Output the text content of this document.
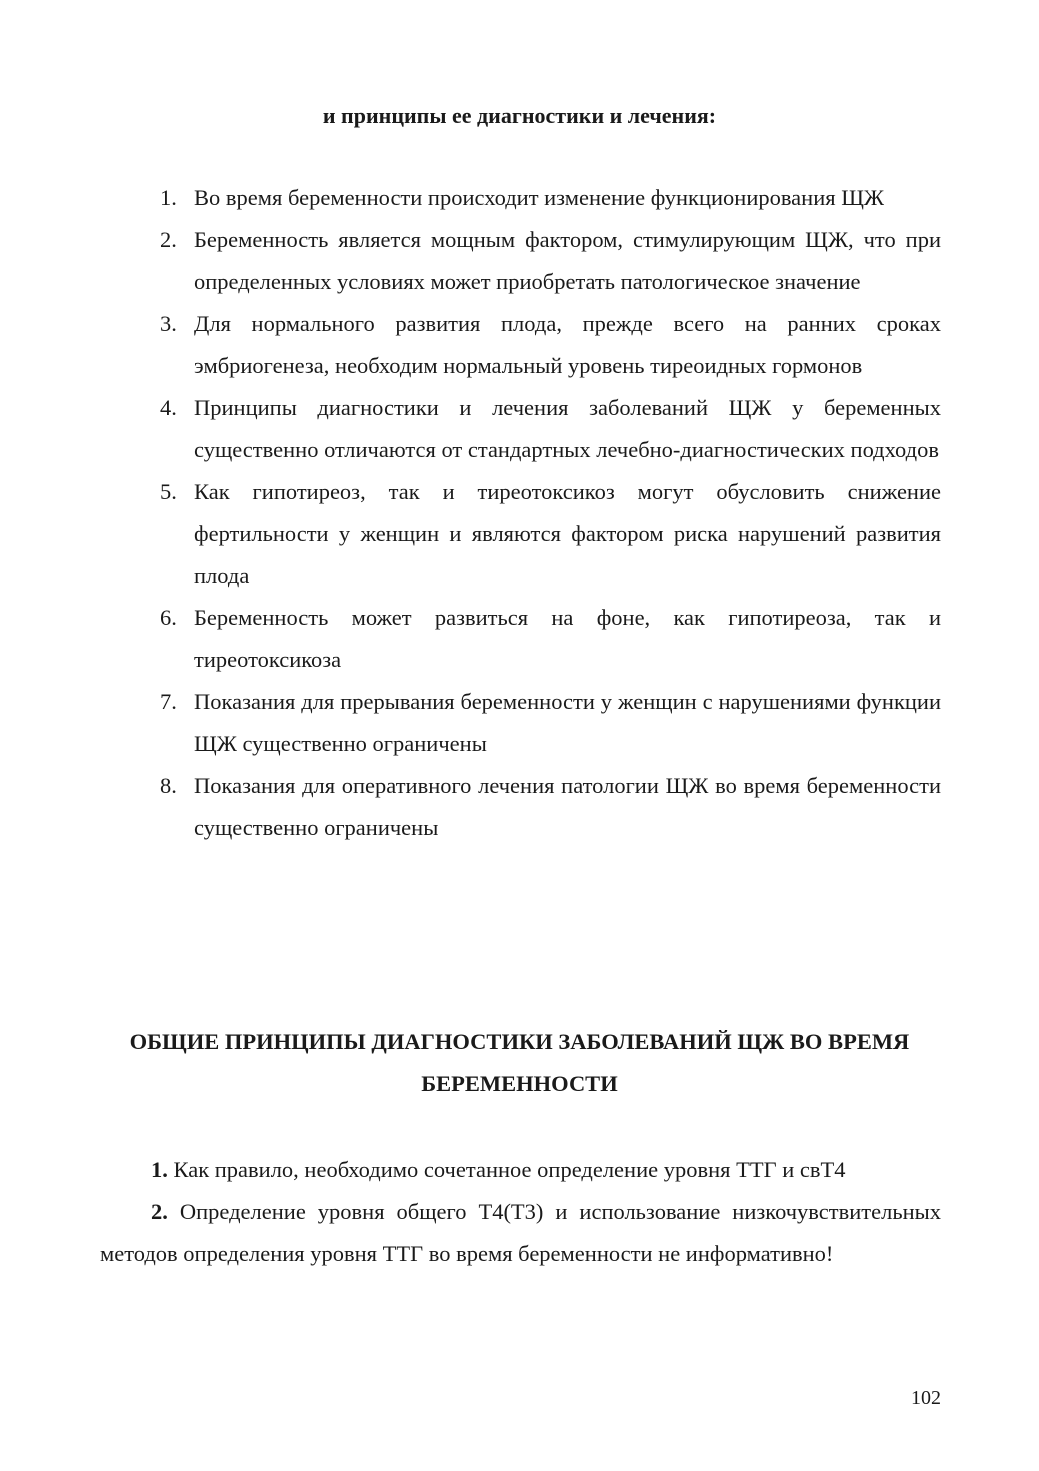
и принципы ее диагностики и лечения:

1. Во время беременности происходит изменение функционирования ЩЖ
2. Беременность является мощным фактором, стимулирующим ЩЖ, что при определенных условиях может приобретать патологическое значение
3. Для нормального развития плода, прежде всего на ранних сроках эмбриогенеза, необходим нормальный уровень тиреоидных гормонов
4. Принципы диагностики и лечения заболеваний ЩЖ у беременных существенно отличаются от стандартных лечебно-диагностических подходов
5. Как гипотиреоз, так и тиреотоксикоз могут обусловить снижение фертильности у женщин и являются фактором риска нарушений развития плода
6. Беременность может развиться на фоне, как гипотиреоза, так и тиреотоксикоза
7. Показания для прерывания беременности у женщин с нарушениями функции ЩЖ существенно ограничены
8. Показания для оперативного лечения патологии ЩЖ во время беременности существенно ограничены
ОБЩИЕ ПРИНЦИПЫ ДИАГНОСТИКИ ЗАБОЛЕВАНИЙ ЩЖ ВО ВРЕМЯ БЕРЕМЕННОСТИ

1. Как правило, необходимо сочетанное определение уровня ТТГ и свТ4

2. Определение уровня общего Т4(Т3) и использование низкочувствительных методов определения уровня ТТГ во время беременности не информативно!

102
